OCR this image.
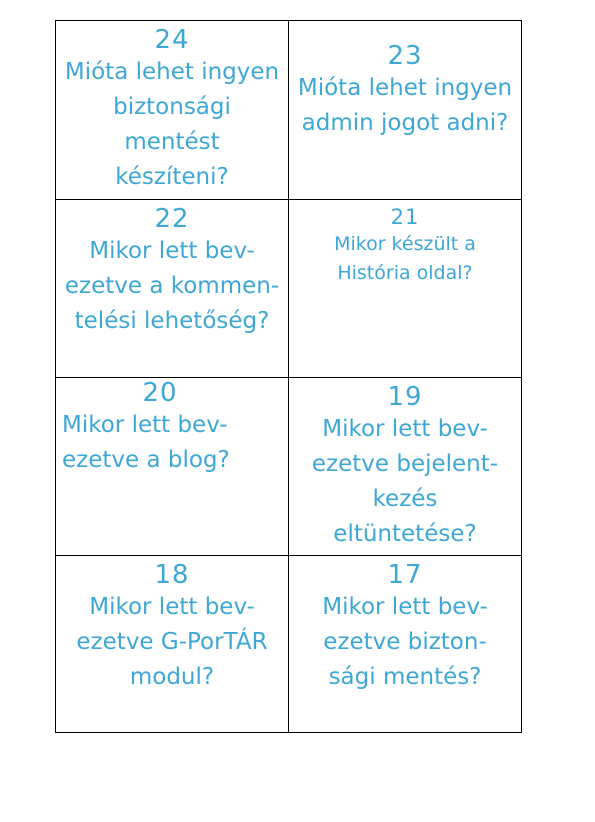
24
Mióta lehet ingyen biztonsági mentést készíteni?
23
Mióta lehet ingyen admin jogot adni?
22
Mikor lett bev-ezetve a kommen-telési lehetőség?
21
Mikor készült a História oldal?
20
Mikor lett bev-ezetve a blog?
19
Mikor lett bev-ezetve bejelent-kezés eltüntetése?
18
Mikor lett bev-ezetve G-PorTÁR modul?
17
Mikor lett bev-ezetve bizton-sági mentés?
